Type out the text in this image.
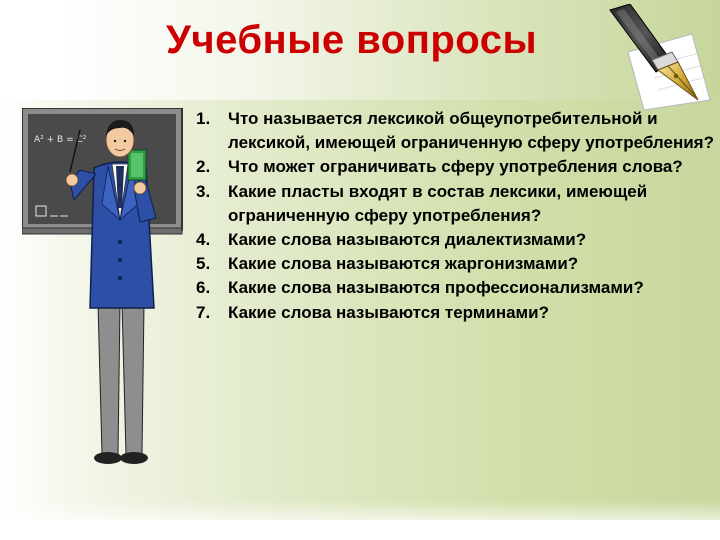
Учебные вопросы
A² + B = C²
1. Что называется лексикой общеупотребительной и лексикой, имеющей ограниченную сферу употребления?
2. Что может ограничивать сферу употребления слова?
3. Какие пласты входят в состав лексики, имеющей ограниченную сферу употребления?
4. Какие слова называются диалектизмами?
5. Какие слова называются жаргонизмами?
6. Какие слова называются профессионализмами?
7. Какие слова называются терминами?
